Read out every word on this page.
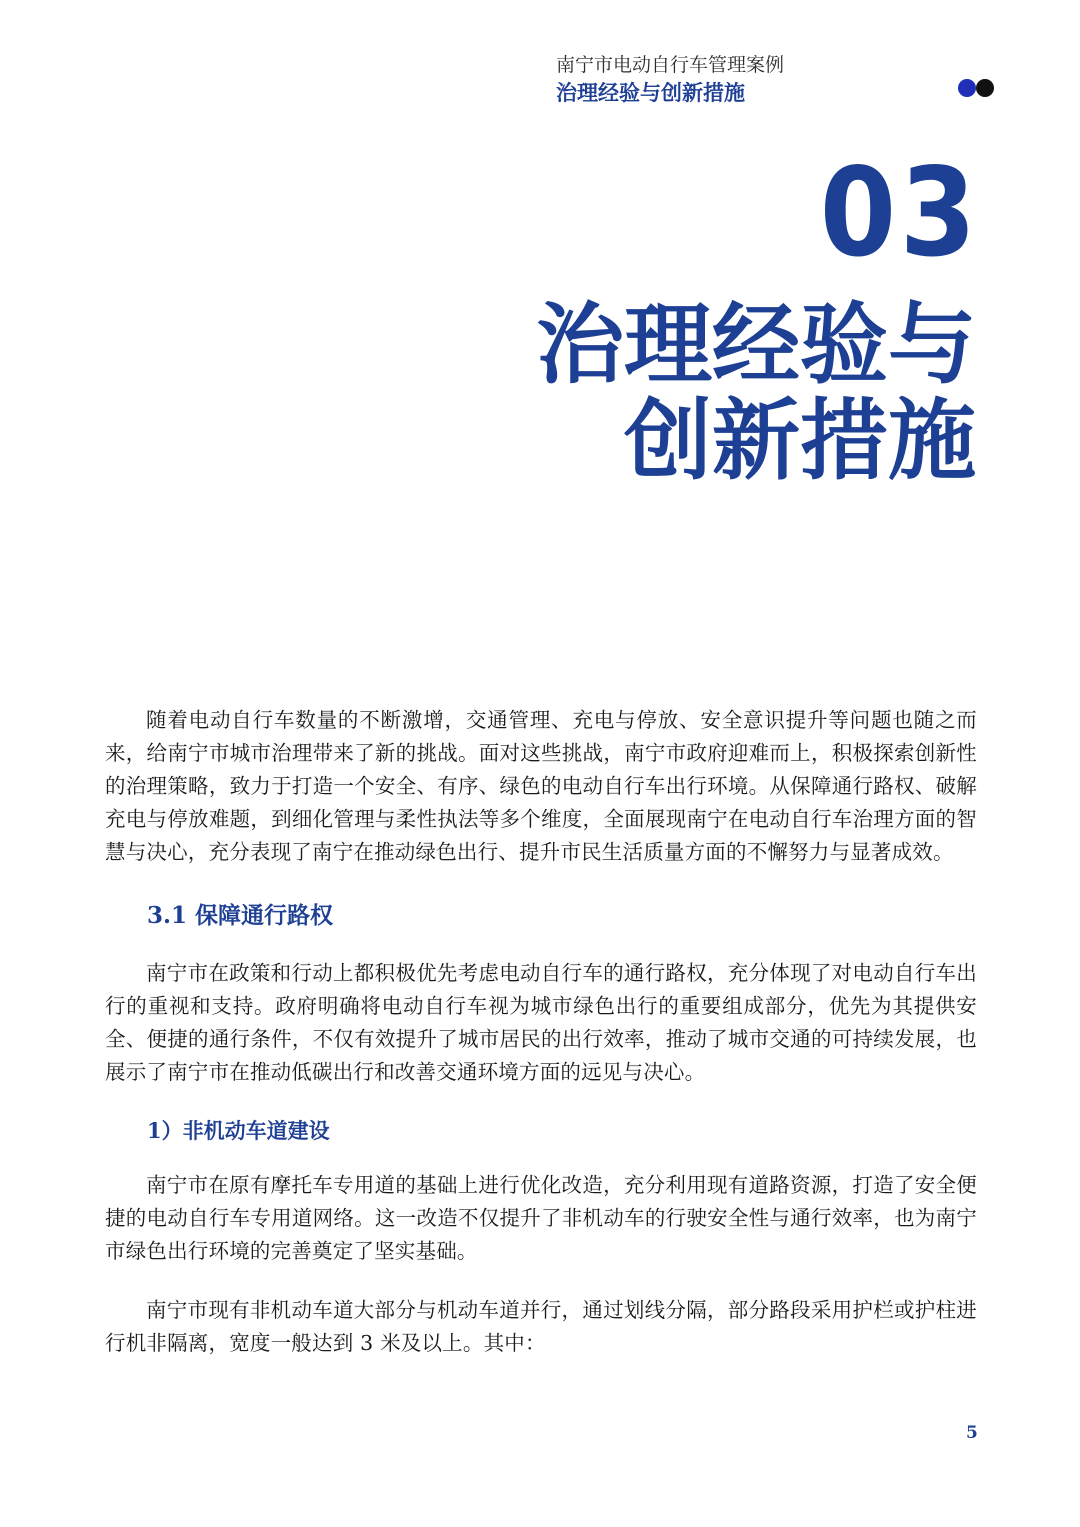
南宁市电动自行车管理案例
治理经验与创新措施
03
治理经验与
创新措施

随着电动自行车数量的不断激增，交通管理、充电与停放、安全意识提升等问题也随之而来，给南宁市城市治理带来了新的挑战。面对这些挑战，南宁市政府迎难而上，积极探索创新性的治理策略，致力于打造一个安全、有序、绿色的电动自行车出行环境。从保障通行路权、破解充电与停放难题，到细化管理与柔性执法等多个维度，全面展现南宁在电动自行车治理方面的智慧与决心，充分表现了南宁在推动绿色出行、提升市民生活质量方面的不懈努力与显著成效。

3.1 保障通行路权

南宁市在政策和行动上都积极优先考虑电动自行车的通行路权，充分体现了对电动自行车出行的重视和支持。政府明确将电动自行车视为城市绿色出行的重要组成部分，优先为其提供安全、便捷的通行条件，不仅有效提升了城市居民的出行效率，推动了城市交通的可持续发展，也展示了南宁市在推动低碳出行和改善交通环境方面的远见与决心。

1）非机动车道建设

南宁市在原有摩托车专用道的基础上进行优化改造，充分利用现有道路资源，打造了安全便捷的电动自行车专用道网络。这一改造不仅提升了非机动车的行驶安全性与通行效率，也为南宁市绿色出行环境的完善奠定了坚实基础。

南宁市现有非机动车道大部分与机动车道并行，通过划线分隔，部分路段采用护栏或护柱进行机非隔离，宽度一般达到 3 米及以上。其中：

5
